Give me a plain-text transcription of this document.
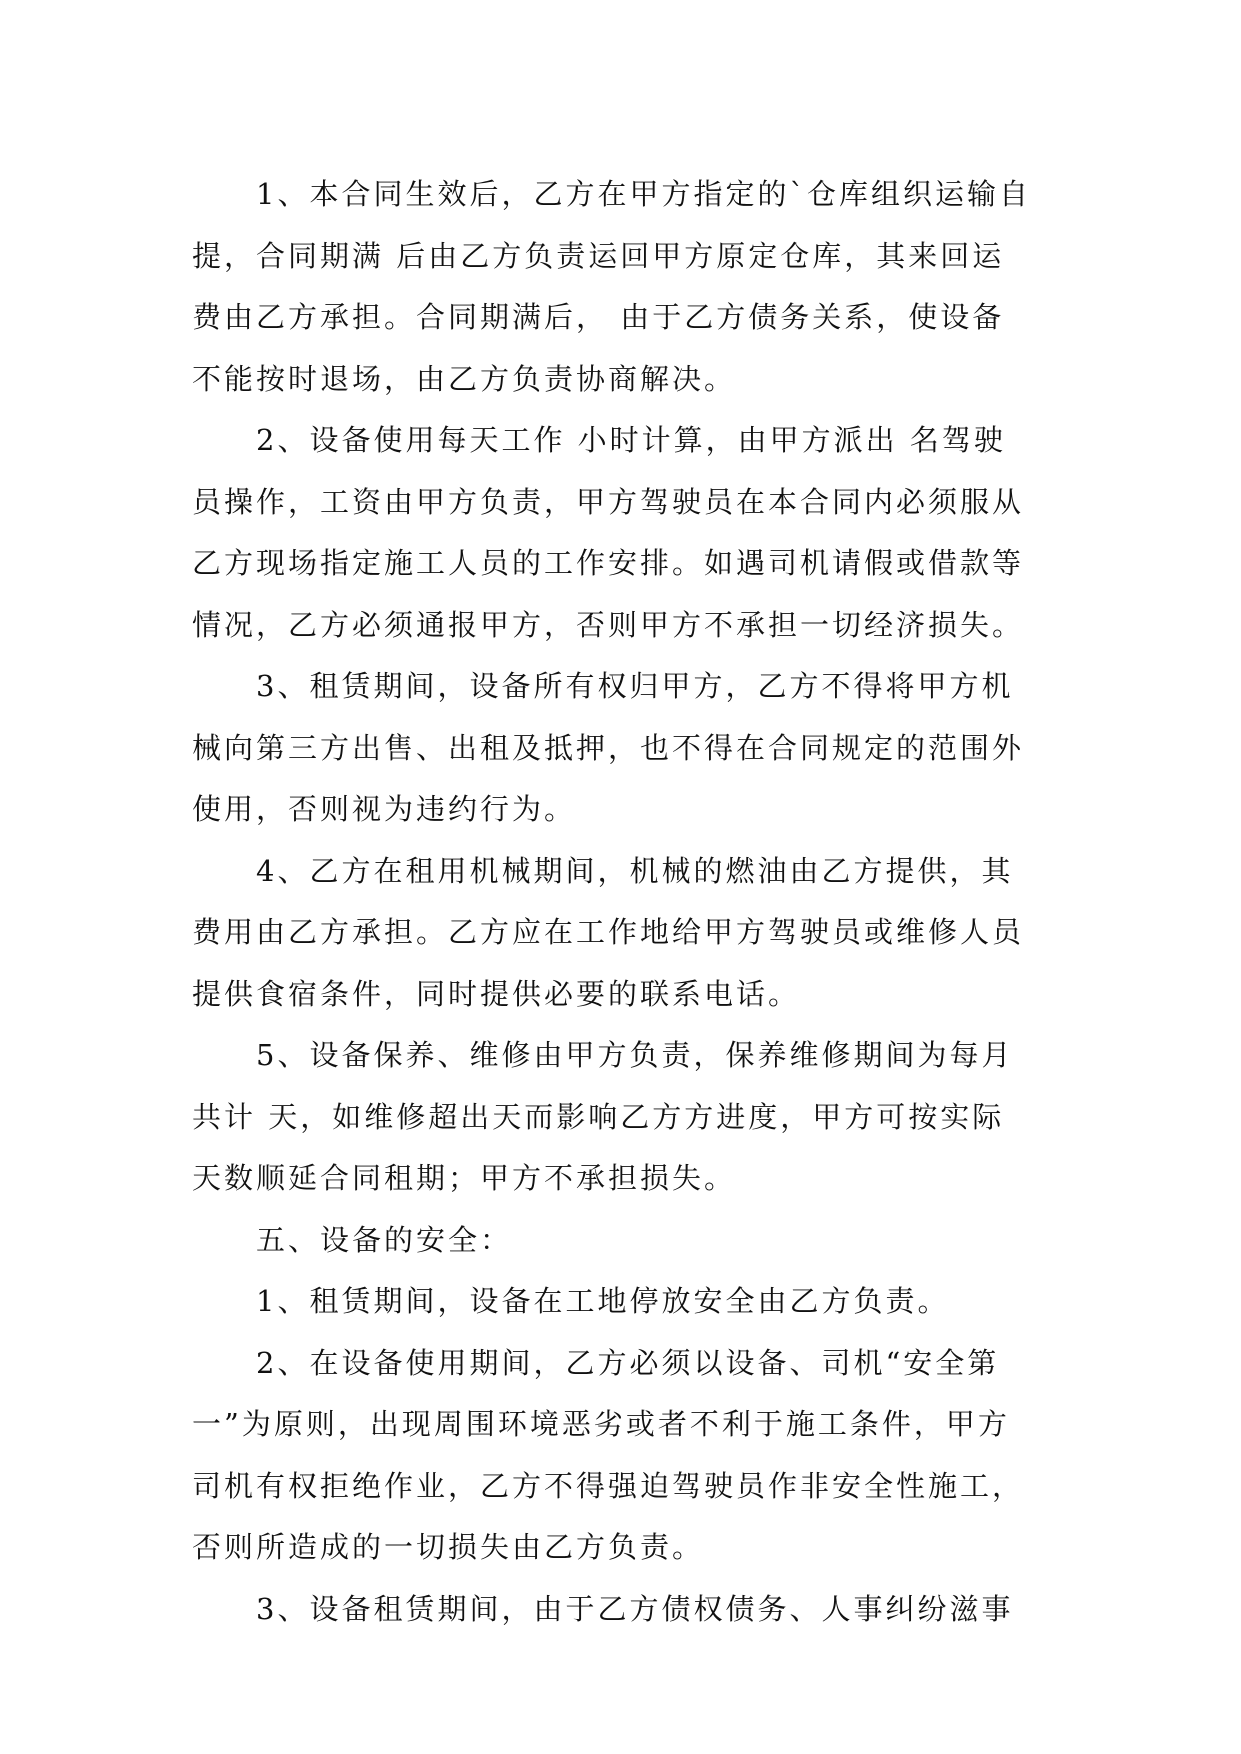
1、本合同生效后，乙方在甲方指定的`仓库组织运输自
提，合同期满 后由乙方负责运回甲方原定仓库，其来回运
费由乙方承担。合同期满后， 由于乙方债务关系，使设备
不能按时退场，由乙方负责协商解决。
2、设备使用每天工作 小时计算，由甲方派出 名驾驶
员操作，工资由甲方负责，甲方驾驶员在本合同内必须服从
乙方现场指定施工人员的工作安排。如遇司机请假或借款等
情况，乙方必须通报甲方，否则甲方不承担一切经济损失。
3、租赁期间，设备所有权归甲方，乙方不得将甲方机
械向第三方出售、出租及抵押，也不得在合同规定的范围外
使用，否则视为违约行为。
4、乙方在租用机械期间，机械的燃油由乙方提供，其
费用由乙方承担。乙方应在工作地给甲方驾驶员或维修人员
提供食宿条件，同时提供必要的联系电话。
5、设备保养、维修由甲方负责，保养维修期间为每月
共计 天，如维修超出天而影响乙方方进度，甲方可按实际
天数顺延合同租期；甲方不承担损失。
五、设备的安全：
1、租赁期间，设备在工地停放安全由乙方负责。
2、在设备使用期间，乙方必须以设备、司机“安全第
一”为原则，出现周围环境恶劣或者不利于施工条件，甲方
司机有权拒绝作业，乙方不得强迫驾驶员作非安全性施工，
否则所造成的一切损失由乙方负责。
3、设备租赁期间，由于乙方债权债务、人事纠纷滋事
